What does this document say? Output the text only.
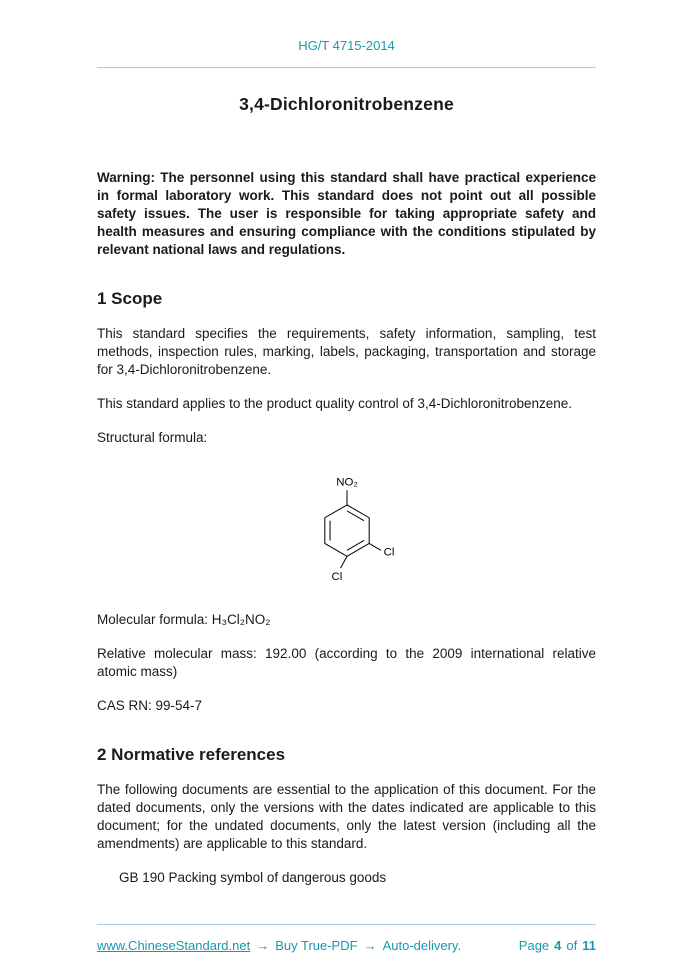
HG/T 4715-2014
3,4-Dichloronitrobenzene

Warning: The personnel using this standard shall have practical experience in formal laboratory work. This standard does not point out all possible safety issues. The user is responsible for taking appropriate safety and health measures and ensuring compliance with the conditions stipulated by relevant national laws and regulations.

1 Scope

This standard specifies the requirements, safety information, sampling, test methods, inspection rules, marking, labels, packaging, transportation and storage for 3,4-Dichloronitrobenzene.

This standard applies to the product quality control of 3,4-Dichloronitrobenzene.

Structural formula:

NO₂
Cl
Cl

Molecular formula: H₃Cl₂NO₂

Relative molecular mass: 192.00 (according to the 2009 international relative atomic mass)

CAS RN: 99-54-7

2 Normative references

The following documents are essential to the application of this document. For the dated documents, only the versions with the dates indicated are applicable to this document; for the undated documents, only the latest version (including all the amendments) are applicable to this standard.

GB 190 Packing symbol of dangerous goods

www.ChineseStandard.net → Buy True-PDF → Auto-delivery.	Page 4 of 11
